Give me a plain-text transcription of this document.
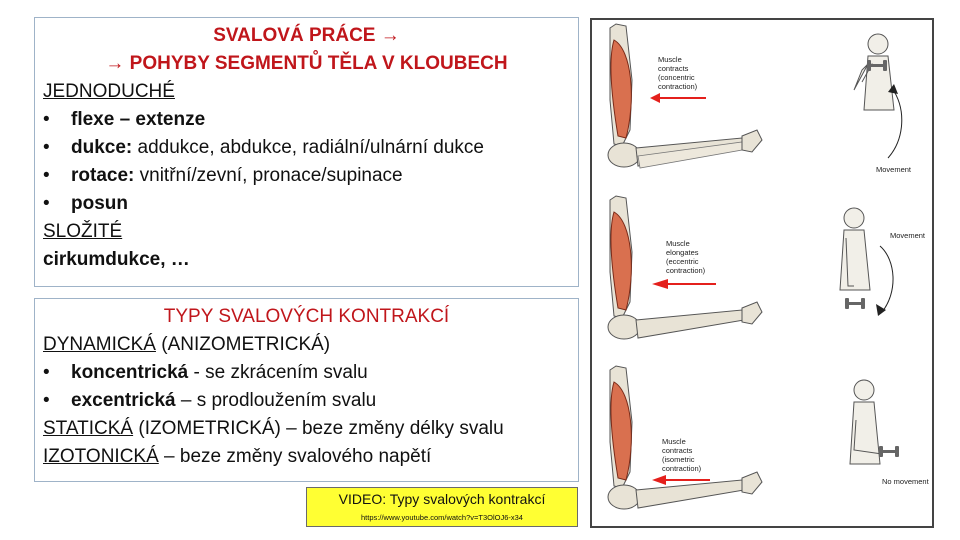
SVALOVÁ PRÁCE →
→ POHYBY SEGMENTŮ TĚLA V KLOUBECH
JEDNODUCHÉ
• flexe – extenze
• dukce: addukce, abdukce, radiální/ulnární dukce
• rotace: vnitřní/zevní, pronace/supinace
• posun
SLOŽITÉ
cirkumdukce, …
TYPY SVALOVÝCH KONTRAKCÍ
DYNAMICKÁ (ANIZOMETRICKÁ)
• koncentrická - se zkrácením svalu
• excentrická – s prodloužením svalu
STATICKÁ (IZOMETRICKÁ) – beze změny délky svalu
IZOTONICKÁ – beze změny svalového napětí
VIDEO: Typy svalových kontrakcí
https://www.youtube.com/watch?v=T3OlOJ6-x34
Muscle
contracts
(concentric
contraction)
Movement
Muscle
elongates
(eccentric
contraction)
Movement
Muscle
contracts
(isometric
contraction)
No movement
